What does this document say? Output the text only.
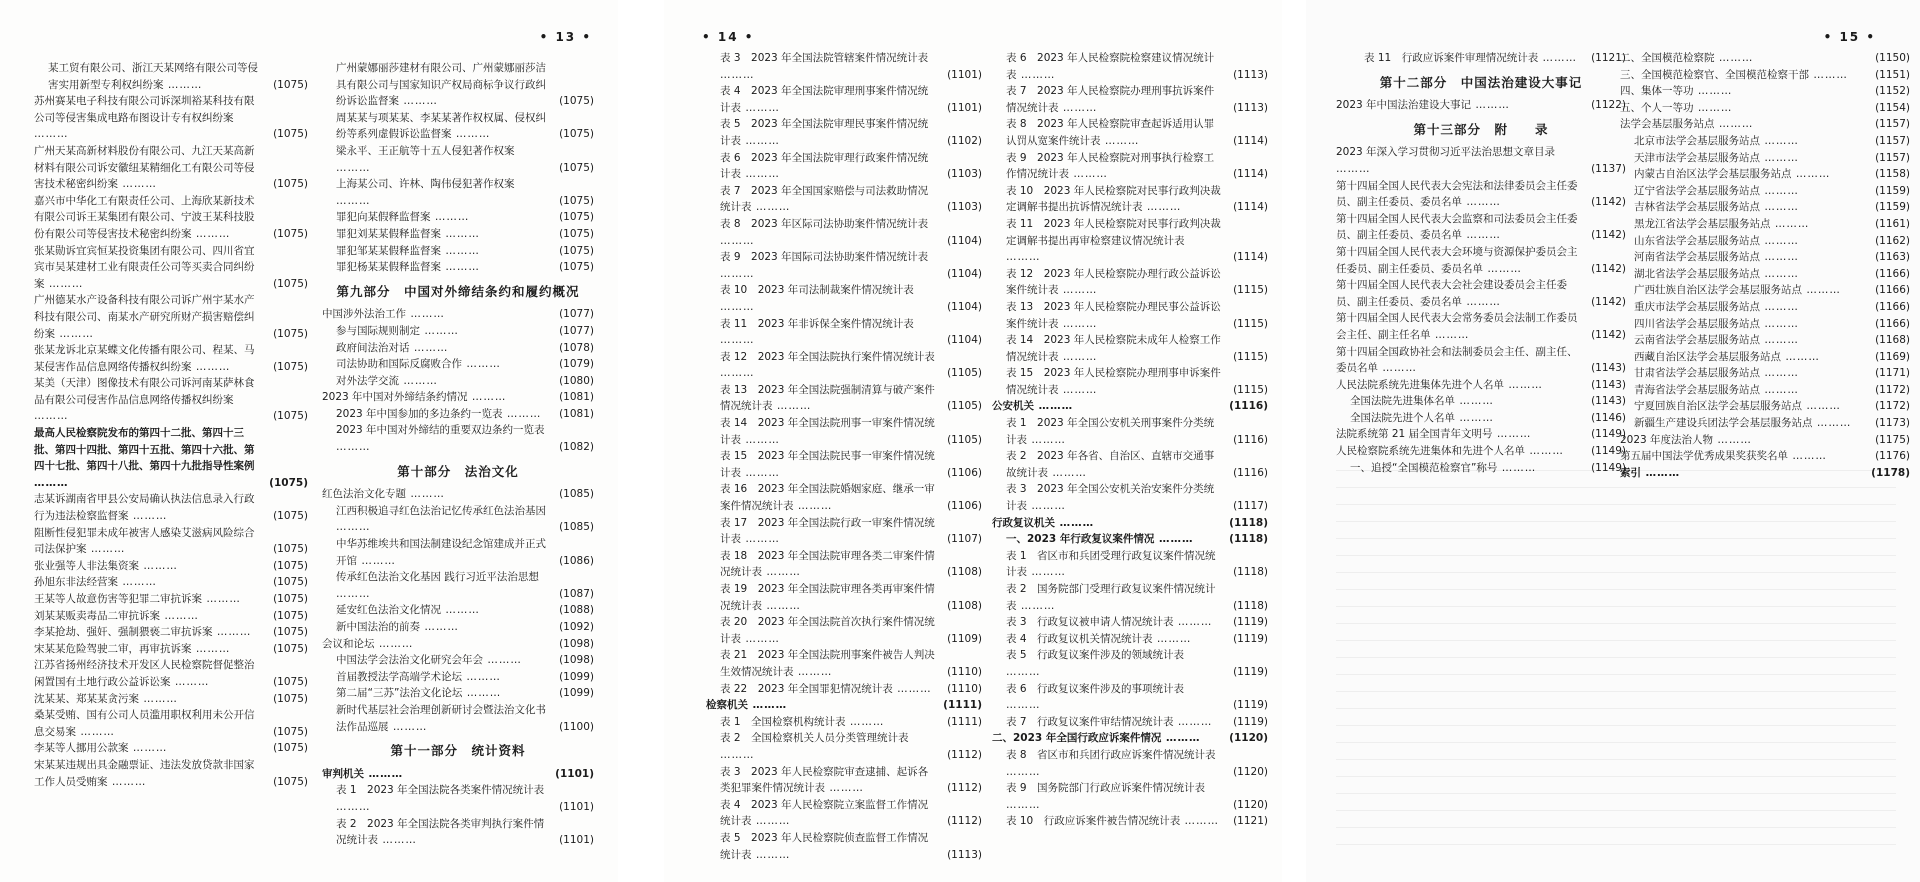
• 13 •
某工贸有限公司、浙江天某网络有限公司等侵害实用新型专利权纠纷案 ………	(1075)
苏州赛某电子科技有限公司诉深圳裕某科技有限公司等侵害集成电路布图设计专有权纠纷案 ………	(1075)
广州天某高新材料股份有限公司、九江天某高新材料有限公司诉安徽纽某精细化工有限公司等侵害技术秘密纠纷案 ………	(1075)
嘉兴市中华化工有限责任公司、上海欣某新技术有限公司诉王某集团有限公司、宁波王某科技股份有限公司等侵害技术秘密纠纷案 ………	(1075)
张某勋诉宜宾恒某投资集团有限公司、四川省宜宾市吴某建材工业有限责任公司等买卖合同纠纷案 ………	(1075)
广州德某水产设备科技有限公司诉广州宇某水产科技有限公司、南某水产研究所财产损害赔偿纠纷案 ………	(1075)
张某龙诉北京某蝶文化传播有限公司、程某、马某侵害作品信息网络传播权纠纷案 ………	(1075)
某美（天津）图像技术有限公司诉河南某萨林食品有限公司侵害作品信息网络传播权纠纷案 ………	(1075)
最高人民检察院发布的第四十二批、第四十三批、第四十四批、第四十五批、第四十六批、第四十七批、第四十八批、第四十九批指导性案例 ………	(1075)
志某诉湖南省甲县公安局确认执法信息录入行政行为违法检察监督案 ………	(1075)
阻断性侵犯罪未成年被害人感染艾滋病风险综合司法保护案 ………	(1075)
张业强等人非法集资案 ………	(1075)
孙旭东非法经营案 ………	(1075)
王某等人故意伤害等犯罪二审抗诉案 ………	(1075)
刘某某贩卖毒品二审抗诉案 ………	(1075)
李某抢劫、强奸、强制猥亵二审抗诉案 ……… (1075)
宋某某危险驾驶二审，再审抗诉案 ………	(1075)
江苏省扬州经济技术开发区人民检察院督促整治闲置国有土地行政公益诉讼案 ………	(1075)
沈某某、郑某某贪污案 ………	(1075)
桑某受贿、国有公司人员滥用职权利用未公开信息交易案 ………	(1075)
李某等人挪用公款案 ………	(1075)
宋某某违规出具金融票证、违法发放贷款非国家工作人员受贿案 ………	(1075)
广州蒙娜丽莎建材有限公司、广州蒙娜丽莎洁具有限公司与国家知识产权局商标争议行政纠纷诉讼监督案 ………	(1075)
周某某与项某某、李某某著作权权属、侵权纠纷等系列虚假诉讼监督案 ………	(1075)
梁永平、王正航等十五人侵犯著作权案 ………	(1075)
上海某公司、许林、陶伟侵犯著作权案 ………	(1075)
罪犯向某假释监督案 ………	(1075)
罪犯刘某某假释监督案 ………	(1075)
罪犯邹某某假释监督案 ………	(1075)
罪犯杨某某假释监督案 ………	(1075)
第九部分　中国对外缔结条约和履约概况
中国涉外法治工作 ………	(1077)
参与国际规则制定 ………	(1077)
政府间法治对话 ………	(1078)
司法协助和国际反腐败合作 ………	(1079)
对外法学交流 ………	(1080)
2023 年中国对外缔结条约情况 ………	(1081)
2023 年中国参加的多边条约一览表 ……… (1081)
2023 年中国对外缔结的重要双边条约一览表 ………	(1082)
第十部分　法治文化
红色法治文化专题 ………	(1085)
江西积极追寻红色法治记忆传承红色法治基因 ………	(1085)
中华苏维埃共和国法制建设纪念馆建成并正式开馆 ………	(1086)
传承红色法治文化基因 践行习近平法治思想 ………	(1087)
延安红色法治文化情况 ………	(1088)
新中国法治的前奏 ………	(1092)
会议和论坛 ………	(1098)
中国法学会法治文化研究会年会 ………	(1098)
首届教授法学高端学术论坛 ………	(1099)
第二届“三苏”法治文化论坛 ………	(1099)
新时代基层社会治理创新研讨会暨法治文化书法作品巡展 ………	(1100)
第十一部分　统计资料
审判机关 ………	(1101)
表 1　2023 年全国法院各类案件情况统计表 ………	(1101)
表 2　2023 年全国法院各类审判执行案件情况统计表 ………	(1101)
• 14 •
表 3　2023 年全国法院管辖案件情况统计表 ………	(1101)
表 4　2023 年全国法院审理刑事案件情况统计表 ………	(1101)
表 5　2023 年全国法院审理民事案件情况统计表 ………	(1102)
表 6　2023 年全国法院审理行政案件情况统计表 ………	(1103)
表 7　2023 年全国国家赔偿与司法救助情况统计表 ………	(1103)
表 8　2023 年区际司法协助案件情况统计表 ………	(1104)
表 9　2023 年国际司法协助案件情况统计表 ………	(1104)
表 10　2023 年司法制裁案件情况统计表 ………	(1104)
表 11　2023 年非诉保全案件情况统计表 ………	(1104)
表 12　2023 年全国法院执行案件情况统计表 ………	(1105)
表 13　2023 年全国法院强制清算与破产案件情况统计表 ………	(1105)
表 14　2023 年全国法院刑事一审案件情况统计表 ………	(1105)
表 15　2023 年全国法院民事一审案件情况统计表 ………	(1106)
表 16　2023 年全国法院婚姻家庭、继承一审案件情况统计表 ………	(1106)
表 17　2023 年全国法院行政一审案件情况统计表 ………	(1107)
表 18　2023 年全国法院审理各类二审案件情况统计表 ………	(1108)
表 19　2023 年全国法院审理各类再审案件情况统计表 ………	(1108)
表 20　2023 年全国法院首次执行案件情况统计表 ………	(1109)
表 21　2023 年全国法院刑事案件被告人判决生效情况统计表 ………	(1110)
表 22　2023 年全国罪犯情况统计表 ……… (1110)
检察机关 ………	(1111)
表 1　全国检察机构统计表 ………	(1111)
表 2　全国检察机关人员分类管理统计表 ………	(1112)
表 3　2023 年人民检察院审查逮捕、起诉各类犯罪案件情况统计表 ………	(1112)
表 4　2023 年人民检察院立案监督工作情况统计表 ………	(1112)
表 5　2023 年人民检察院侦查监督工作情况统计表 ………	(1113)
表 6　2023 年人民检察院检察建议情况统计表 ………	(1113)
表 7　2023 年人民检察院办理刑事抗诉案件情况统计表 ………	(1113)
表 8　2023 年人民检察院审查起诉适用认罪认罚从宽案件统计表 ………	(1114)
表 9　2023 年人民检察院对刑事执行检察工作情况统计表 ………	(1114)
表 10　2023 年人民检察院对民事行政判决裁定调解书提出抗诉情况统计表 ………	(1114)
表 11　2023 年人民检察院对民事行政判决裁定调解书提出再审检察建议情况统计表 ………	(1114)
表 12　2023 年人民检察院办理行政公益诉讼案件统计表 ………	(1115)
表 13　2023 年人民检察院办理民事公益诉讼案件统计表 ………	(1115)
表 14　2023 年人民检察院未成年人检察工作情况统计表 ………	(1115)
表 15　2023 年人民检察院办理刑事申诉案件情况统计表 ………	(1115)
公安机关 ………	(1116)
表 1　2023 年全国公安机关刑事案件分类统计表 ………	(1116)
表 2　2023 年各省、自治区、直辖市交通事故统计表 ………	(1116)
表 3　2023 年全国公安机关治安案件分类统计表 ………	(1117)
行政复议机关 ………	(1118)
一、2023 年行政复议案件情况 ………	(1118)
表 1　省区市和兵团受理行政复议案件情况统计表 ………	(1118)
表 2　国务院部门受理行政复议案件情况统计表 ………	(1118)
表 3　行政复议被申请人情况统计表 ……… (1119)
表 4　行政复议机关情况统计表 ………	(1119)
表 5　行政复议案件涉及的领域统计表 ………	(1119)
表 6　行政复议案件涉及的事项统计表 ………	(1119)
表 7　行政复议案件审结情况统计表 ……… (1119)
二、2023 年全国行政应诉案件情况 ………	(1120)
表 8　省区市和兵团行政应诉案件情况统计表 ………	(1120)
表 9　国务院部门行政应诉案件情况统计表 ………	(1120)
表 10　行政应诉案件被告情况统计表 ……… (1121)
• 15 •
表 11　行政应诉案件审理情况统计表 ……… (1121)
第十二部分　中国法治建设大事记
2023 年中国法治建设大事记 ………	(1122)
第十三部分　附　　录
2023 年深入学习贯彻习近平法治思想文章目录 ………	(1137)
第十四届全国人民代表大会宪法和法律委员会主任委员、副主任委员、委员名单 ………	(1142)
第十四届全国人民代表大会监察和司法委员会主任委员、副主任委员、委员名单 ………	(1142)
第十四届全国人民代表大会环境与资源保护委员会主任委员、副主任委员、委员名单 ………	(1142)
第十四届全国人民代表大会社会建设委员会主任委员、副主任委员、委员名单 ………	(1142)
第十四届全国人民代表大会常务委员会法制工作委员会主任、副主任名单 ………	(1142)
第十四届全国政协社会和法制委员会主任、副主任、委员名单 ………	(1143)
人民法院系统先进集体先进个人名单 ………	(1143)
全国法院先进集体名单 ………	(1143)
全国法院先进个人名单 ………	(1146)
法院系统第 21 届全国青年文明号 ………	(1149)
人民检察院系统先进集体和先进个人名单 ………	(1149)
一、追授“全国模范检察官”称号 ………	(1149)
二、全国模范检察院 ………	(1150)
三、全国模范检察官、全国模范检察干部 ………	(1151)
四、集体一等功 ………	(1152)
五、个人一等功 ………	(1154)
法学会基层服务站点 ………	(1157)
北京市法学会基层服务站点 ………	(1157)
天津市法学会基层服务站点 ………	(1157)
内蒙古自治区法学会基层服务站点 ………	(1158)
辽宁省法学会基层服务站点 ………	(1159)
吉林省法学会基层服务站点 ………	(1159)
黑龙江省法学会基层服务站点 ………	(1161)
山东省法学会基层服务站点 ………	(1162)
河南省法学会基层服务站点 ………	(1163)
湖北省法学会基层服务站点 ………	(1166)
广西壮族自治区法学会基层服务站点 ………	(1166)
重庆市法学会基层服务站点 ………	(1166)
四川省法学会基层服务站点 ………	(1166)
云南省法学会基层服务站点 ………	(1168)
西藏自治区法学会基层服务站点 ………	(1169)
甘肃省法学会基层服务站点 ………	(1171)
青海省法学会基层服务站点 ………	(1172)
宁夏回族自治区法学会基层服务站点 ………	(1172)
新疆生产建设兵团法学会基层服务站点 ……… (1173)
2023 年度法治人物 ………	(1175)
第五届中国法学优秀成果奖获奖名单 ………	(1176)
索引 ………	(1178)
